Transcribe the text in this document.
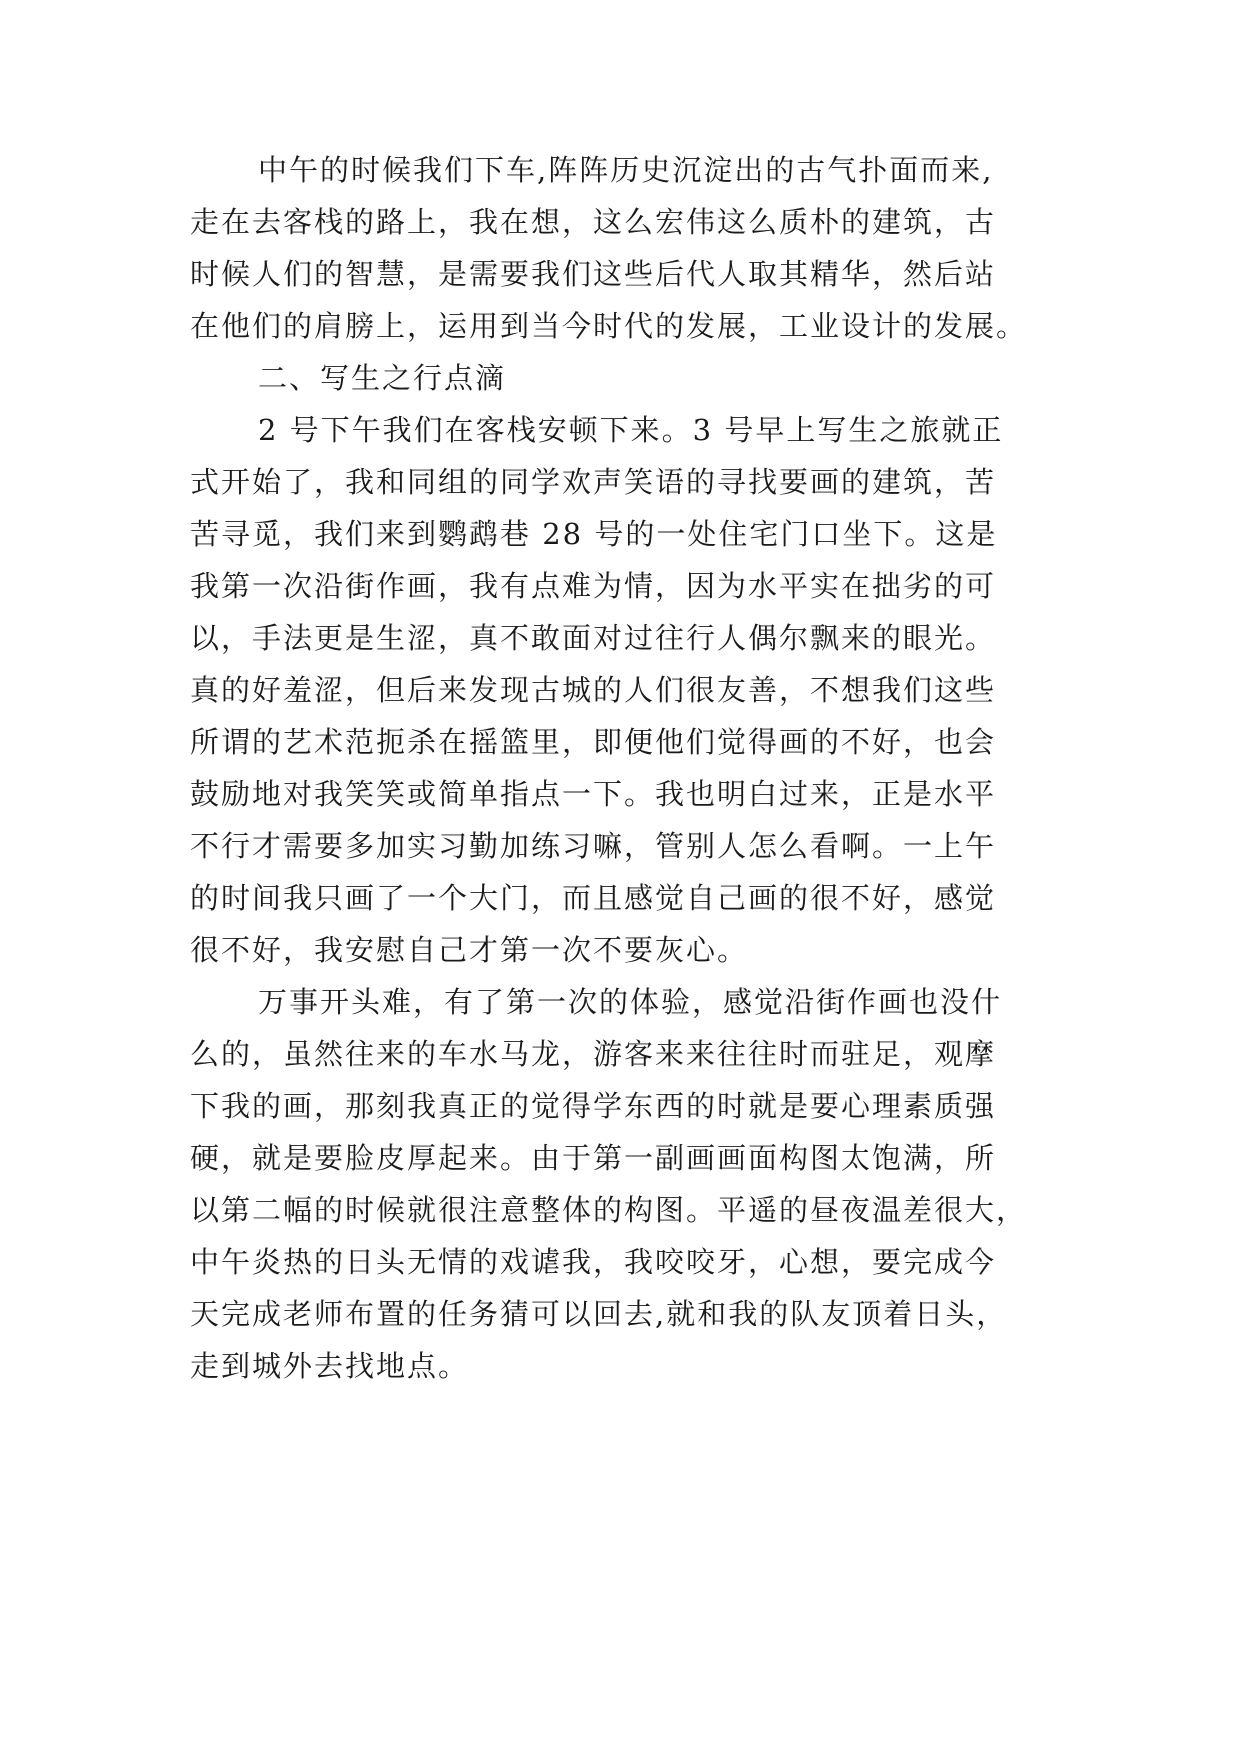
中午的时候我们下车,阵阵历史沉淀出的古气扑面而来,
走在去客栈的路上，我在想，这么宏伟这么质朴的建筑，古
时候人们的智慧，是需要我们这些后代人取其精华，然后站
在他们的肩膀上，运用到当今时代的发展，工业设计的发展。
二、写生之行点滴
2 号下午我们在客栈安顿下来。3 号早上写生之旅就正
式开始了，我和同组的同学欢声笑语的寻找要画的建筑，苦
苦寻觅，我们来到鹦鹉巷 28 号的一处住宅门口坐下。这是
我第一次沿街作画，我有点难为情，因为水平实在拙劣的可
以，手法更是生涩，真不敢面对过往行人偶尔飘来的眼光。
真的好羞涩，但后来发现古城的人们很友善，不想我们这些
所谓的艺术范扼杀在摇篮里，即便他们觉得画的不好，也会
鼓励地对我笑笑或简单指点一下。我也明白过来，正是水平
不行才需要多加实习勤加练习嘛，管别人怎么看啊。一上午
的时间我只画了一个大门，而且感觉自己画的很不好，感觉
很不好，我安慰自己才第一次不要灰心。
万事开头难，有了第一次的体验，感觉沿街作画也没什
么的，虽然往来的车水马龙，游客来来往往时而驻足，观摩
下我的画，那刻我真正的觉得学东西的时就是要心理素质强
硬，就是要脸皮厚起来。由于第一副画画面构图太饱满，所
以第二幅的时候就很注意整体的构图。平遥的昼夜温差很大，
中午炎热的日头无情的戏谑我，我咬咬牙，心想，要完成今
天完成老师布置的任务猜可以回去,就和我的队友顶着日头，
走到城外去找地点。
